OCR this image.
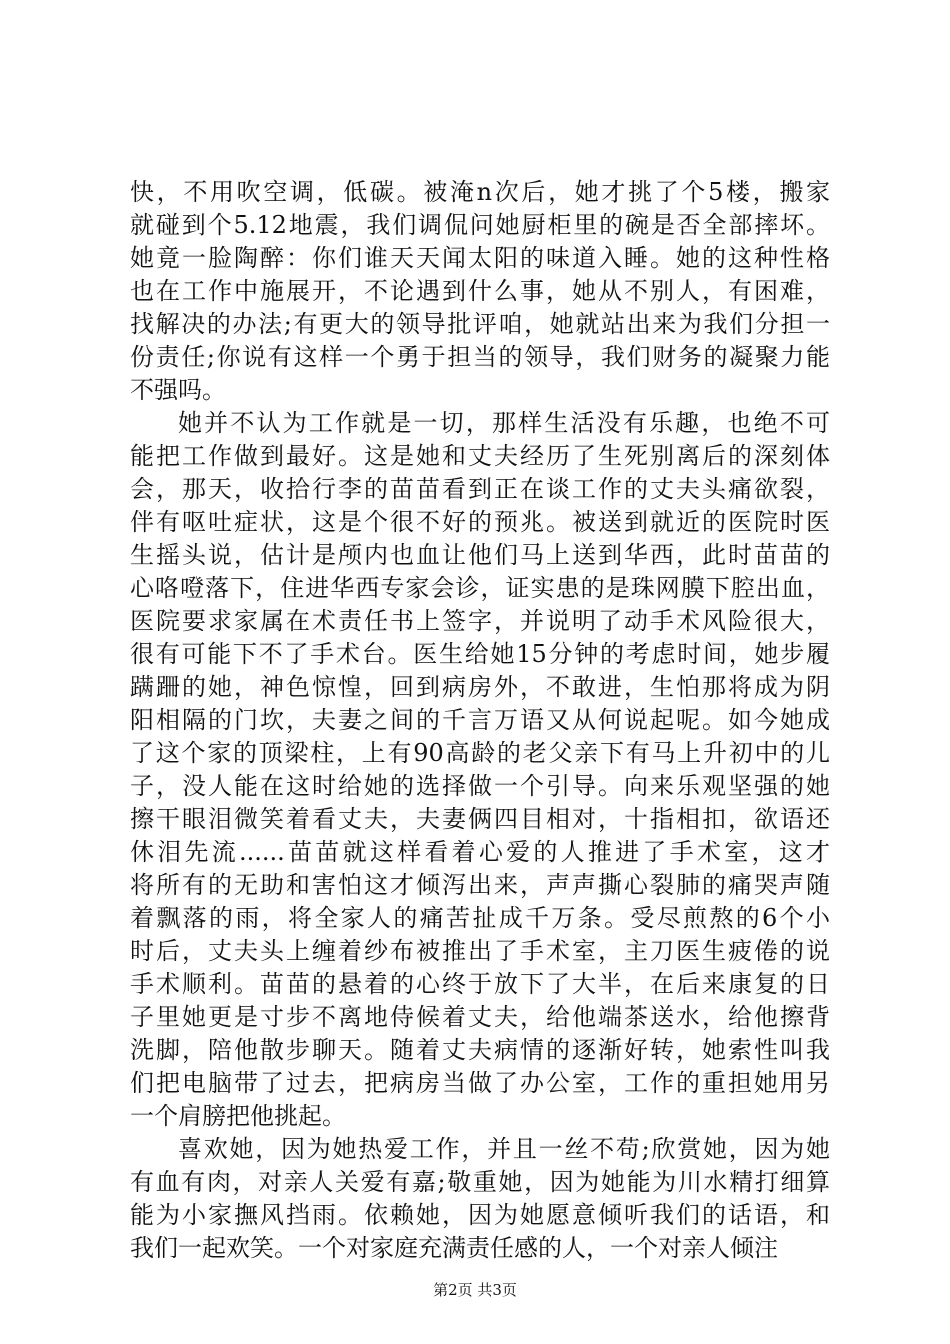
快，不用吹空调，低碳。被淹n次后，她才挑了个5楼，搬家
就碰到个5.12地震，我们调侃问她厨柜里的碗是否全部摔坏。
她竟一脸陶醉：你们谁天天闻太阳的味道入睡。她的这种性格
也在工作中施展开，不论遇到什么事，她从不别人，有困难，
找解决的办法;有更大的领导批评咱，她就站出来为我们分担一
份责任;你说有这样一个勇于担当的领导，我们财务的凝聚力能
不强吗。
她并不认为工作就是一切，那样生活没有乐趣，也绝不可
能把工作做到最好。这是她和丈夫经历了生死别离后的深刻体
会，那天，收拾行李的苗苗看到正在谈工作的丈夫头痛欲裂，
伴有呕吐症状，这是个很不好的预兆。被送到就近的医院时医
生摇头说，估计是颅内也血让他们马上送到华西，此时苗苗的
心咯噔落下，住进华西专家会诊，证实患的是珠网膜下腔出血，
医院要求家属在术责任书上签字，并说明了动手术风险很大，
很有可能下不了手术台。医生给她15分钟的考虑时间，她步履
蹒跚的她，神色惊惶，回到病房外，不敢进，生怕那将成为阴
阳相隔的门坎，夫妻之间的千言万语又从何说起呢。如今她成
了这个家的顶梁柱，上有90高龄的老父亲下有马上升初中的儿
子，没人能在这时给她的选择做一个引导。向来乐观坚强的她
擦干眼泪微笑着看丈夫，夫妻俩四目相对，十指相扣，欲语还
休泪先流......苗苗就这样看着心爱的人推进了手术室，这才
将所有的无助和害怕这才倾泻出来，声声撕心裂肺的痛哭声随
着飘落的雨，将全家人的痛苦扯成千万条。受尽煎熬的6个小
时后，丈夫头上缠着纱布被推出了手术室，主刀医生疲倦的说
手术顺利。苗苗的悬着的心终于放下了大半，在后来康复的日
子里她更是寸步不离地侍候着丈夫，给他端茶送水，给他擦背
洗脚，陪他散步聊天。随着丈夫病情的逐渐好转，她索性叫我
们把电脑带了过去，把病房当做了办公室，工作的重担她用另
一个肩膀把他挑起。
喜欢她，因为她热爱工作，并且一丝不苟;欣赏她，因为她
有血有肉，对亲人关爱有嘉;敬重她，因为她能为川水精打细算
能为小家撫风挡雨。依赖她，因为她愿意倾听我们的话语，和
我们一起欢笑。一个对家庭充满责任感的人，一个对亲人倾注
第2页 共3页
